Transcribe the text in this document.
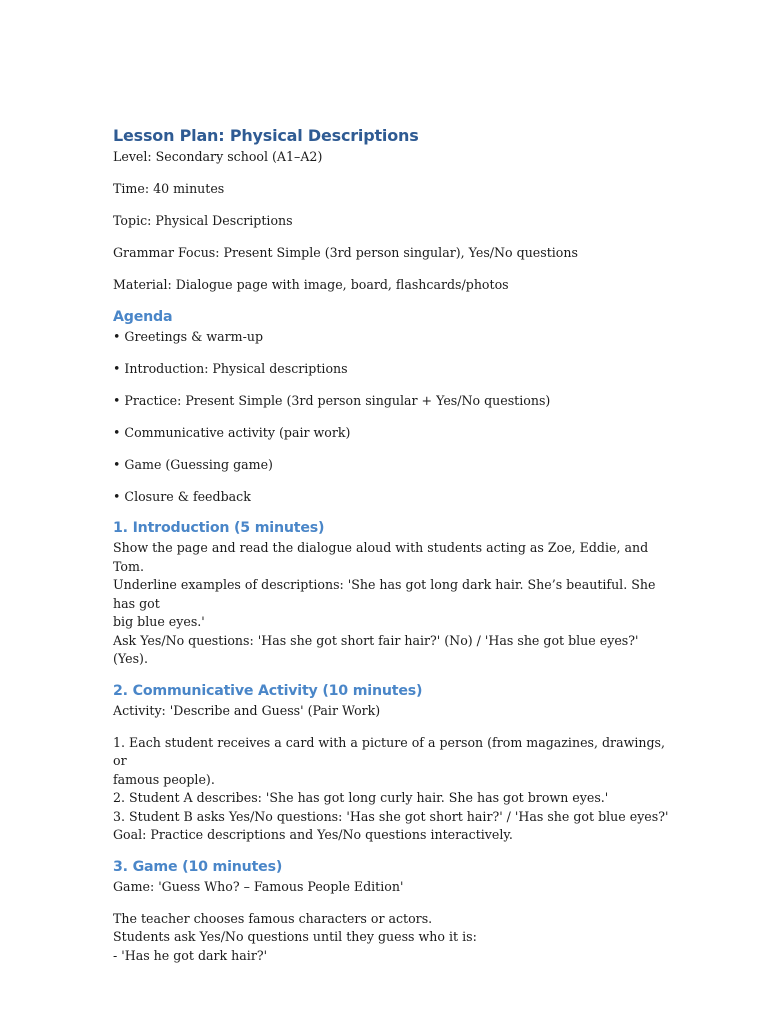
Lesson Plan: Physical Descriptions

Level: Secondary school (A1–A2)

Time: 40 minutes

Topic: Physical Descriptions

Grammar Focus: Present Simple (3rd person singular), Yes/No questions

Material: Dialogue page with image, board, flashcards/photos

Agenda

• Greetings & warm-up

• Introduction: Physical descriptions

• Practice: Present Simple (3rd person singular + Yes/No questions)

• Communicative activity (pair work)

• Game (Guessing game)

• Closure & feedback

1. Introduction (5 minutes)

Show the page and read the dialogue aloud with students acting as Zoe, Eddie, and Tom.

Underline examples of descriptions: 'She has got long dark hair. She’s beautiful. She has got

big blue eyes.'

Ask Yes/No questions: 'Has she got short fair hair?' (No) / 'Has she got blue eyes?' (Yes).

2. Communicative Activity (10 minutes)

Activity: 'Describe and Guess' (Pair Work)

1. Each student receives a card with a picture of a person (from magazines, drawings, or

famous people).

2. Student A describes: 'She has got long curly hair. She has got brown eyes.'

3. Student B asks Yes/No questions: 'Has she got short hair?' / 'Has she got blue eyes?'

Goal: Practice descriptions and Yes/No questions interactively.

3. Game (10 minutes)

Game: 'Guess Who? – Famous People Edition'

The teacher chooses famous characters or actors.

Students ask Yes/No questions until they guess who it is:

- 'Has he got dark hair?'
